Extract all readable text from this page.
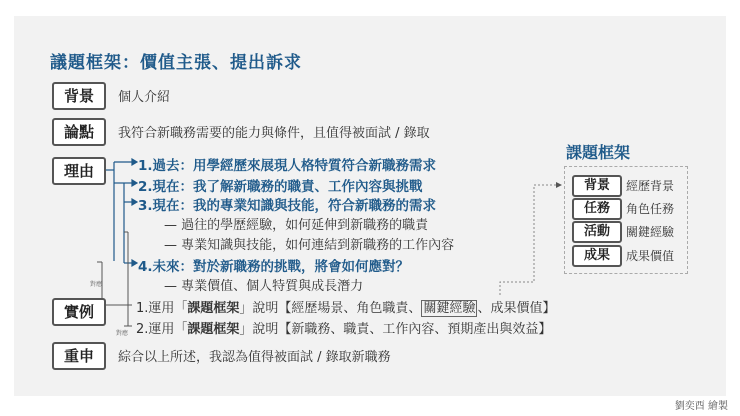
議題框架：價值主張、提出訴求
背景	個人介紹
論點	我符合新職務需要的能力與條件，且值得被面試 / 錄取
理由	1.過去：用學經歷來展現人格特質符合新職務需求
2.現在：我了解新職務的職責、工作內容與挑戰
3.現在：我的專業知識與技能，符合新職務的需求
— 過往的學歷經驗，如何延伸到新職務的職責
— 專業知識與技能，如何連結到新職務的工作內容
4.未來：對於新職務的挑戰，將會如何應對？
— 專業價值、個人特質與成長潛力
對應
對應
實例	1.運用「課題框架」說明【經歷場景、角色職責、 關鍵經驗 、成果價值】
2.運用「課題框架」說明【新職務、職責、工作內容、預期產出與效益】
重申	綜合以上所述，我認為值得被面試 / 錄取新職務
課題框架
背景	經歷背景
任務	角色任務
活動	關鍵經驗
成果	成果價值
劉奕酉 繪製
